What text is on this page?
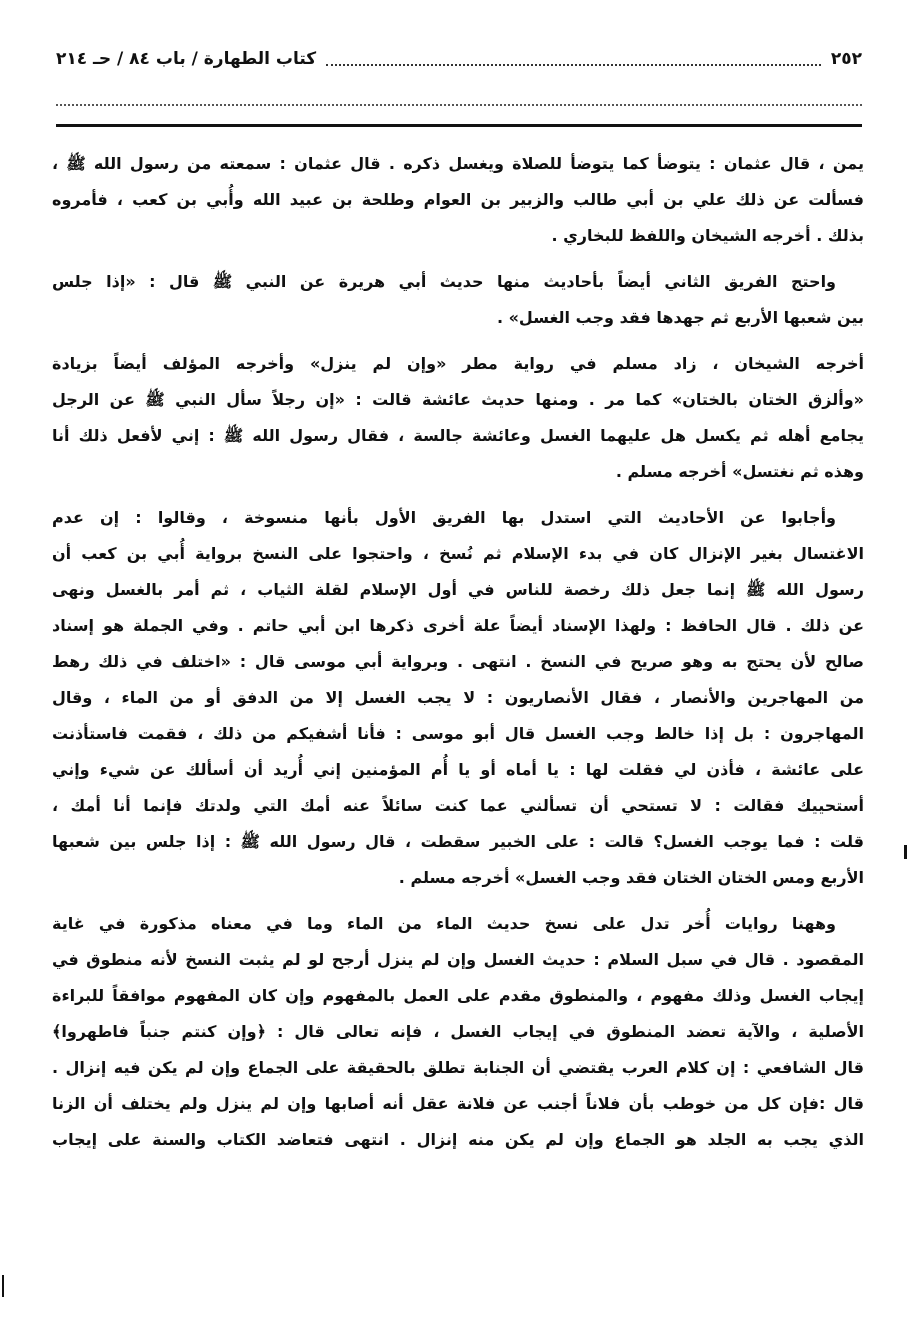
٢٥٢
كتاب الطهارة / باب ٨٤ / حـ ٢١٤
يمن ، قال عثمان : يتوضأ كما يتوضأ للصلاة ويغسل ذكره . قال عثمان : سمعته من رسول الله ﷺ ،
فسألت عن ذلك علي بن أبي طالب والزبير بن العوام وطلحة بن عبيد الله وأُبي بن كعب ، فأمروه
بذلك . أخرجه الشيخان واللفظ للبخاري .
واحتج الفريق الثاني أيضاً بأحاديث منها حديث أبي هريرة عن النبي ﷺ قال : «إذا جلس
بين شعبها الأربع ثم جهدها فقد وجب الغسل» .
أخرجه الشيخان ، زاد مسلم في رواية مطر «وإن لم ينزل» وأخرجه المؤلف أيضاً بزيادة
«وألزق الختان بالختان» كما مر . ومنها حديث عائشة قالت : «إن رجلاً سأل النبي ﷺ عن الرجل
يجامع أهله ثم يكسل هل عليهما الغسل وعائشة جالسة ، فقال رسول الله ﷺ : إني لأفعل ذلك أنا
وهذه ثم نغتسل» أخرجه مسلم .
وأجابوا عن الأحاديث التي استدل بها الفريق الأول بأنها منسوخة ، وقالوا : إن عدم
الاغتسال بغير الإنزال كان في بدء الإسلام ثم نُسخ ، واحتجوا على النسخ برواية أُبي بن كعب أن
رسول الله ﷺ إنما جعل ذلك رخصة للناس في أول الإسلام لقلة الثياب ، ثم أمر بالغسل ونهى
عن ذلك . قال الحافظ : ولهذا الإسناد أيضاً علة أخرى ذكرها ابن أبي حاتم . وفي الجملة هو إسناد
صالح لأن يحتج به وهو صريح في النسخ . انتهى . وبرواية أبي موسى قال : «اختلف في ذلك رهط
من المهاجرين والأنصار ، فقال الأنصاريون : لا يجب الغسل إلا من الدفق أو من الماء ، وقال
المهاجرون : بل إذا خالط وجب الغسل قال أبو موسى : فأنا أشفيكم من ذلك ، فقمت فاستأذنت
على عائشة ، فأذن لي فقلت لها : يا أماه أو يا أُم المؤمنين إني أُريد أن أسألك عن شيء وإني
أستحييك فقالت : لا تستحي أن تسألني عما كنت سائلاً عنه أمك التي ولدتك فإنما أنا أمك ،
قلت : فما يوجب الغسل؟ قالت : على الخبير سقطت ، قال رسول الله ﷺ : إذا جلس بين شعبها
الأربع ومس الختان الختان فقد وجب الغسل» أخرجه مسلم .
وههنا روايات أُخر تدل على نسخ حديث الماء من الماء وما في معناه مذكورة في غاية
المقصود . قال في سبل السلام : حديث الغسل وإن لم ينزل أرجح لو لم يثبت النسخ لأنه منطوق في
إيجاب الغسل وذلك مفهوم ، والمنطوق مقدم على العمل بالمفهوم وإن كان المفهوم موافقاً للبراءة
الأصلية ، والآية تعضد المنطوق في إيجاب الغسل ، فإنه تعالى قال : ﴿وإن كنتم جنباً فاطهروا﴾
قال الشافعي : إن كلام العرب يقتضي أن الجنابة تطلق بالحقيقة على الجماع وإن لم يكن فيه إنزال .
قال :فإن كل من خوطب بأن فلاناً أجنب عن فلانة عقل أنه أصابها وإن لم ينزل ولم يختلف أن الزنا
الذي يجب به الجلد هو الجماع وإن لم يكن منه إنزال . انتهى فتعاضد الكتاب والسنة على إيجاب
